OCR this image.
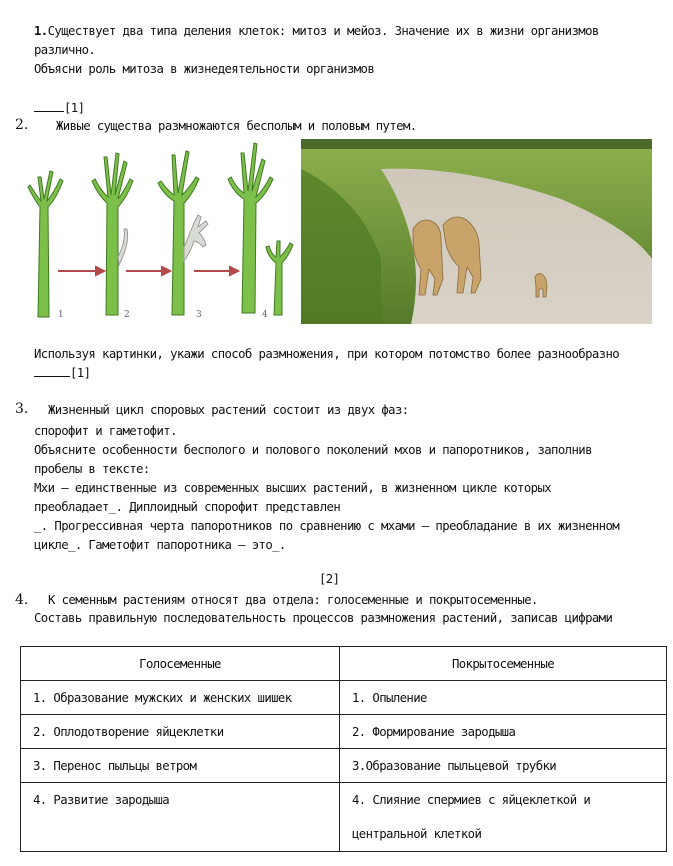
1.Существует два типа деления клеток: митоз и мейоз. Значение их в жизни организмов
различно.
Объясни роль митоза в жизнедеятельности организмов
[1]
2. Живые существа размножаются бесполым и половым путем.
1	2	3	4
Используя картинки, укажи способ размножения, при котором потомство более разнообразно
[1]
3. Жизненный цикл споровых растений состоит из двух фаз:
спорофит и гаметофит.
Объясните особенности бесполого и полового поколений мхов и папоротников, заполнив
пробелы в тексте:
Мхи – единственные из современных высших растений, в жизненном цикле которых
преобладает_. Диплоидный спорофит представлен
_. Прогрессивная черта папоротников по сравнению с мхами – преобладание в их жизненном
цикле_. Гаметофит папоротника – это_.
[2]
4. К семенным растениям относят два отдела: голосеменные и покрытосеменные.
Составь правильную последовательность процессов размножения растений, записав цифрами
Голосеменные	Покрытосеменные
1. Образование мужских и женских шишек	1. Опыление
2. Оплодотворение яйцеклетки	2. Формирование зародыша
3. Перенос пыльцы ветром	3.Образование пыльцевой трубки
4. Развитие зародыша	4. Слияние спермиев с яйцеклеткой и
центральной клеткой
